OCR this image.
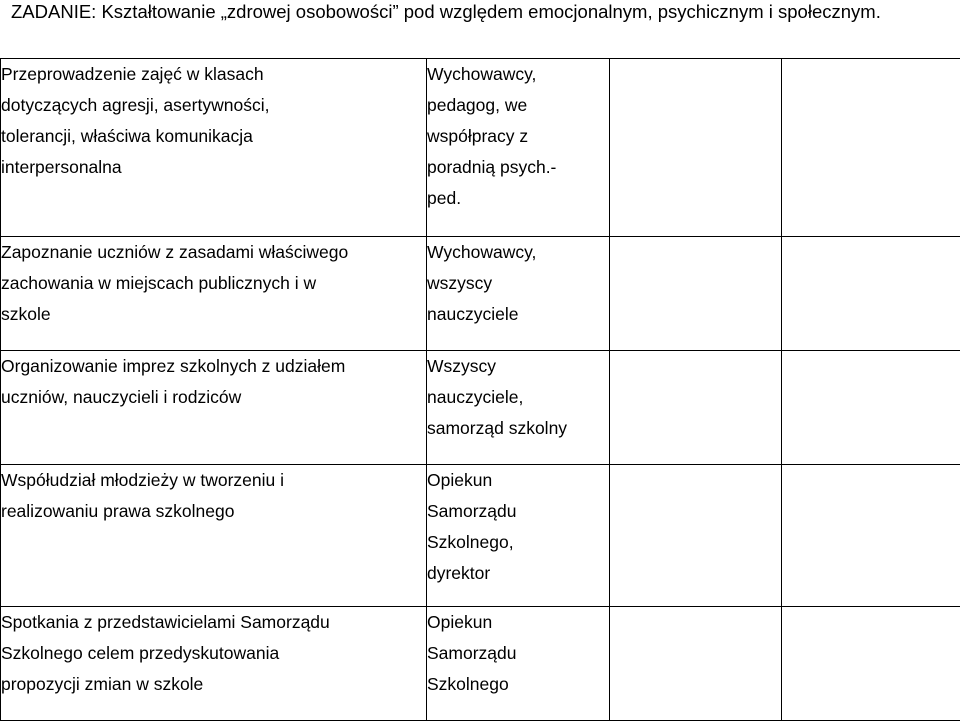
ZADANIE: Kształtowanie „zdrowej osobowości” pod względem emocjonalnym, psychicznym i społecznym.
Przeprowadzenie zajęć w klasach
dotyczących agresji, asertywności,
tolerancji, właściwa komunikacja
interpersonalna	Wychowawcy,
pedagog, we
współpracy z
poradnią psych.-
ped.		

Zapoznanie uczniów z zasadami właściwego
zachowania w miejscach publicznych i w
szkole	Wychowawcy,
wszyscy
nauczyciele		

Organizowanie imprez szkolnych z udziałem
uczniów, nauczycieli i rodziców	Wszyscy
nauczyciele,
samorząd szkolny		

Współudział młodzieży w tworzeniu i
realizowaniu prawa szkolnego	Opiekun
Samorządu
Szkolnego,
dyrektor		

Spotkania z przedstawicielami Samorządu
Szkolnego celem przedyskutowania
propozycji zmian w szkole	Opiekun
Samorządu
Szkolnego		
